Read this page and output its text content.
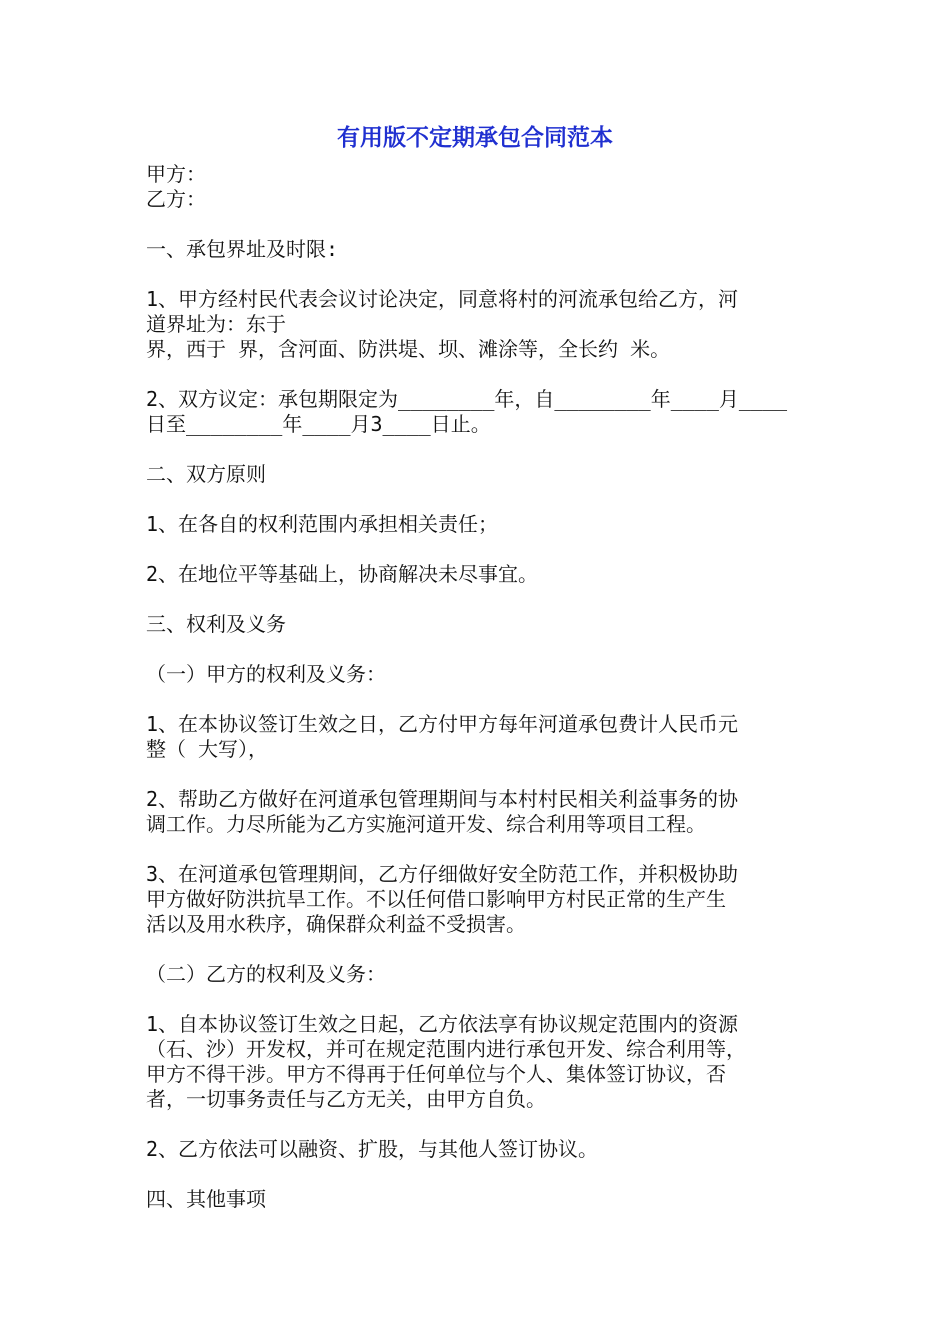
有用版不定期承包合同范本
甲方：
乙方：

一、承包界址及时限:

1、甲方经村民代表会议讨论决定，同意将村的河流承包给乙方，河
道界址为：东于
界，西于 界，含河面、防洪堤、坝、滩涂等，全长约 米。

2、双方议定：承包期限定为________年，自________年____月____
日至________年____月3____日止。

二、双方原则

1、在各自的权利范围内承担相关责任；

2、在地位平等基础上，协商解决未尽事宜。

三、权利及义务

（一）甲方的权利及义务：

1、在本协议签订生效之日，乙方付甲方每年河道承包费计人民币元
整（ 大写），

2、帮助乙方做好在河道承包管理期间与本村村民相关利益事务的协
调工作。力尽所能为乙方实施河道开发、综合利用等项目工程。

3、在河道承包管理期间，乙方仔细做好安全防范工作，并积极协助
甲方做好防洪抗旱工作。不以任何借口影响甲方村民正常的生产生
活以及用水秩序，确保群众利益不受损害。

（二）乙方的权利及义务：

1、自本协议签订生效之日起，乙方依法享有协议规定范围内的资源
（石、沙）开发权，并可在规定范围内进行承包开发、综合利用等，
甲方不得干涉。甲方不得再于任何单位与个人、集体签订协议，否
者，一切事务责任与乙方无关，由甲方自负。

2、乙方依法可以融资、扩股，与其他人签订协议。

四、其他事项
